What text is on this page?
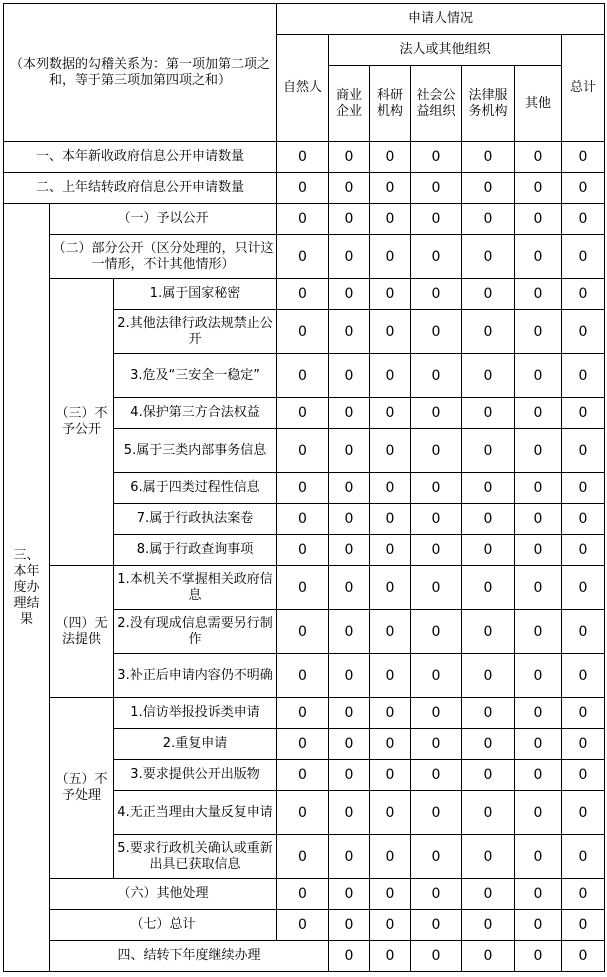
（本列数据的勾稽关系为：第一项加第二项之和，等于第三项加第四项之和）			申请人情况							
			自然人	法人或其他组织					总计	
				商业企业	科研机构	社会公益组织	法律服务机构	其他		
一、本年新收政府信息公开申请数量			0	0	0	0	0	0	0	
二、上年结转政府信息公开申请数量			0	0	0	0	0	0	0	
三、本年度办理结果	（一）予以公开		0	0	0	0	0	0	0	
	（二）部分公开（区分处理的，只计这一情形，不计其他情形）		0	0	0	0	0	0	0	
	（三）不予公开	1.属于国家秘密	0	0	0	0	0	0	0	
		2.其他法律行政法规禁止公开	0	0	0	0	0	0	0	
		3.危及“三安全一稳定”	0	0	0	0	0	0	0	
		4.保护第三方合法权益	0	0	0	0	0	0	0	
		5.属于三类内部事务信息	0	0	0	0	0	0	0	
		6.属于四类过程性信息	0	0	0	0	0	0	0	
		7.属于行政执法案卷	0	0	0	0	0	0	0	
		8.属于行政查询事项	0	0	0	0	0	0	0	
	（四）无法提供	1.本机关不掌握相关政府信息	0	0	0	0	0	0	0	
		2.没有现成信息需要另行制作	0	0	0	0	0	0	0	
		3.补正后申请内容仍不明确	0	0	0	0	0	0	0	
	（五）不予处理	1.信访举报投诉类申请	0	0	0	0	0	0	0	
		2.重复申请	0	0	0	0	0	0	0	
		3.要求提供公开出版物	0	0	0	0	0	0	0	
		4.无正当理由大量反复申请	0	0	0	0	0	0	0	
		5.要求行政机关确认或重新出具已获取信息	0	0	0	0	0	0	0	
	（六）其他处理		0	0	0	0	0	0	0	
	（七）总计		0	0	0	0	0	0	0	
	四、结转下年度继续办理			0	0	0	0	0	0	
